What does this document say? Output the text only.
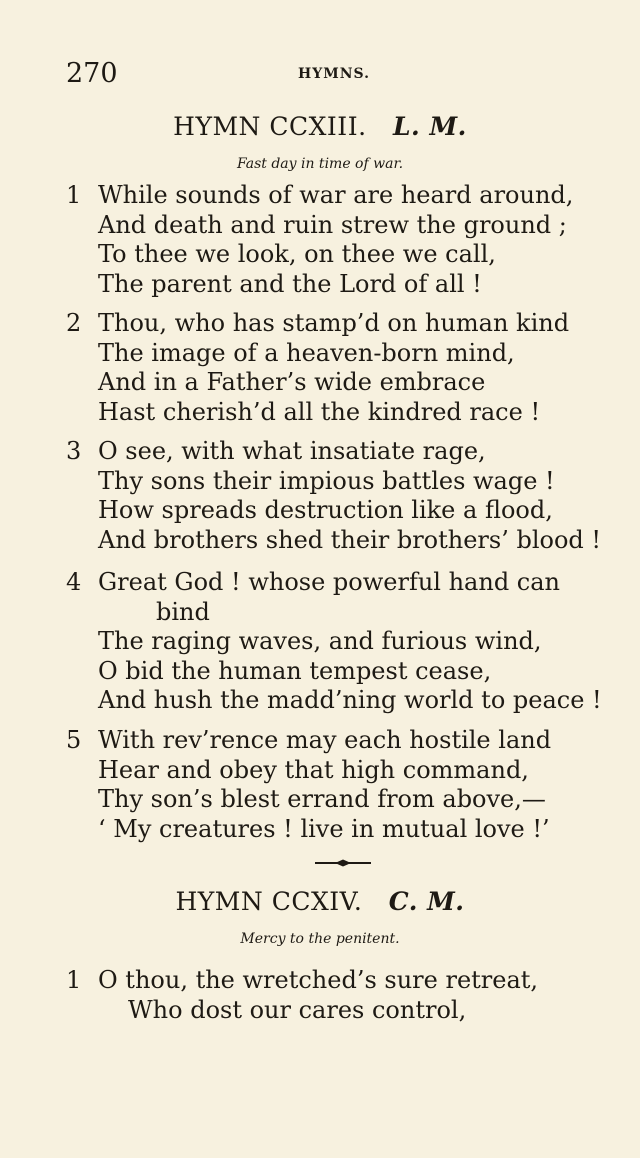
270	HYMNS.
HYMN CCXIII. L. M.
Fast day in time of war.
1 While sounds of war are heard around,
And death and ruin strew the ground ;
To thee we look, on thee we call,
The parent and the Lord of all !
2 Thou, who has stamp’d on human kind
The image of a heaven-born mind,
And in a Father’s wide embrace
Hast cherish’d all the kindred race !
3 O see, with what insatiate rage,
Thy sons their impious battles wage !
How spreads destruction like a flood,
And brothers shed their brothers’ blood !
4 Great God ! whose powerful hand can
bind
The raging waves, and furious wind,
O bid the human tempest cease,
And hush the madd’ning world to peace !
5 With rev’rence may each hostile land
Hear and obey that high command,
Thy son’s blest errand from above,—
‘ My creatures ! live in mutual love !’
HYMN CCXIV. C. M.
Mercy to the penitent.
1 O thou, the wretched’s sure retreat,
Who dost our cares control,
